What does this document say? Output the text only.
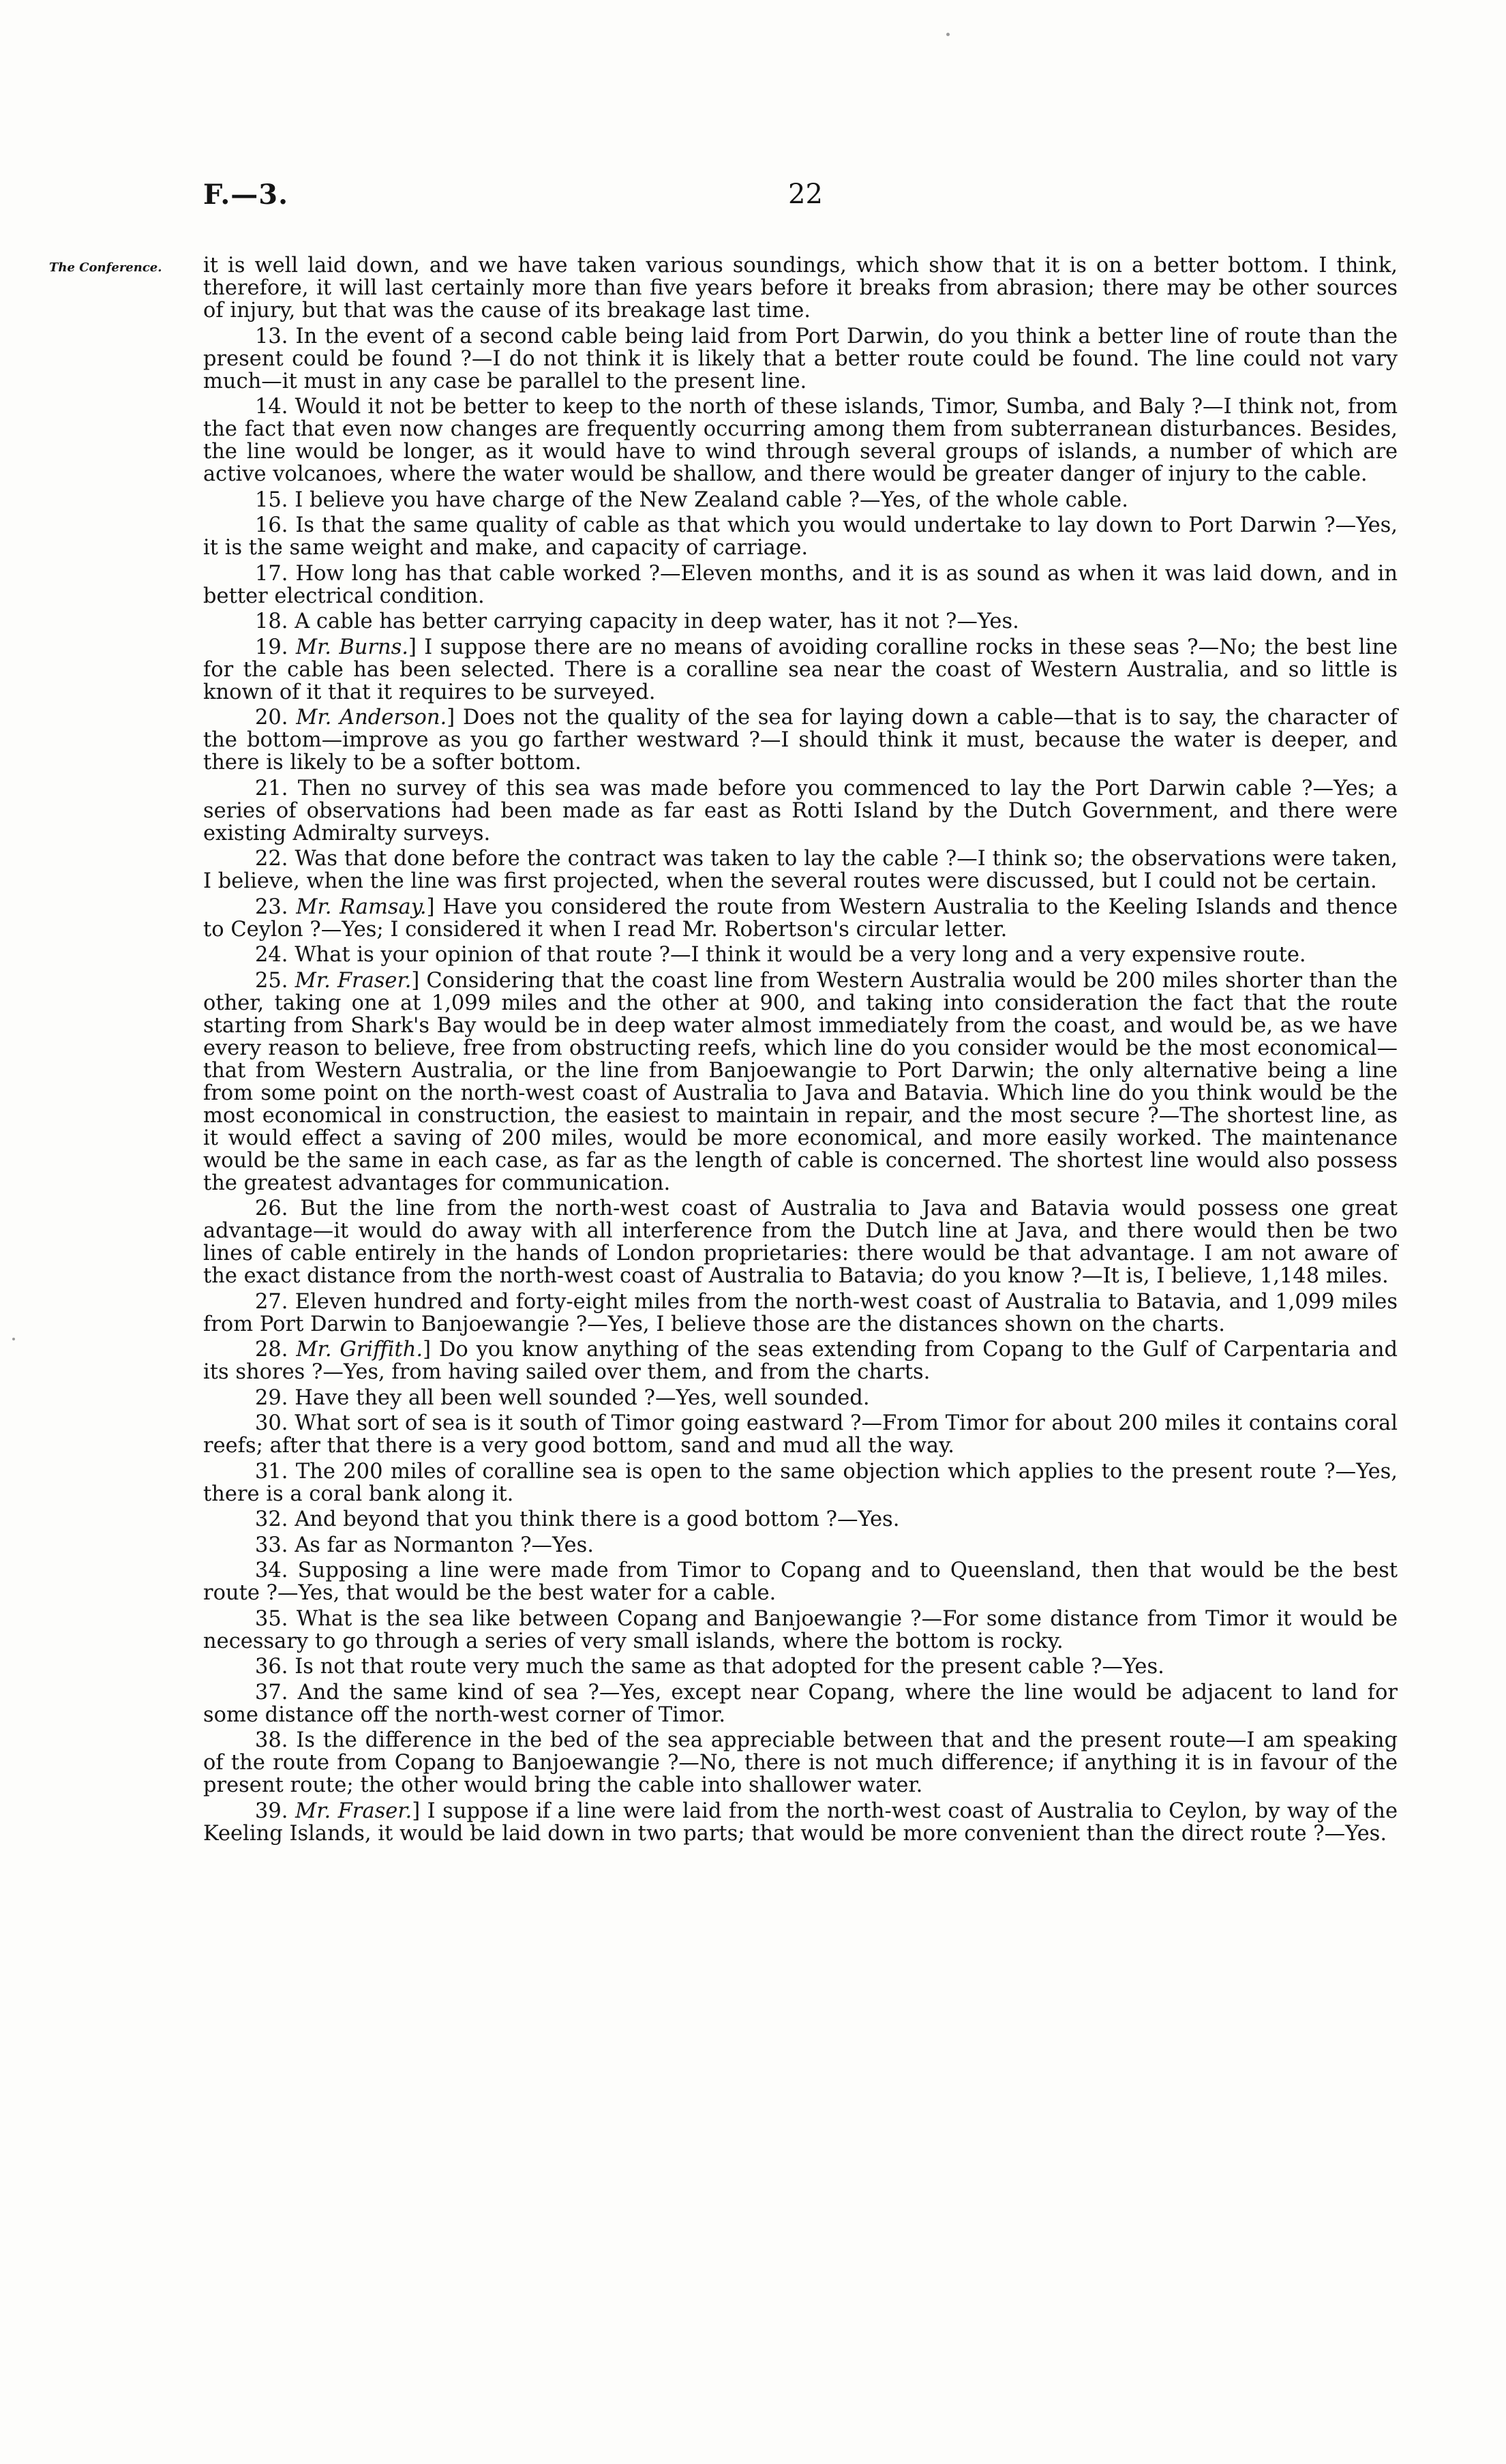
F.—3.	22
The Conference. it is well laid down, and we have taken various soundings, which show that it is on a better bottom. I think, therefore, it will last certainly more than five years before it breaks from abrasion; there may be other sources of injury, but that was the cause of its breakage last time.

13. In the event of a second cable being laid from Port Darwin, do you think a better line of route than the present could be found ?—I do not think it is likely that a better route could be found. The line could not vary much—it must in any case be parallel to the present line.

14. Would it not be better to keep to the north of these islands, Timor, Sumba, and Baly ?—I think not, from the fact that even now changes are frequently occurring among them from subterranean disturbances. Besides, the line would be longer, as it would have to wind through several groups of islands, a number of which are active volcanoes, where the water would be shallow, and there would be greater danger of injury to the cable.

15. I believe you have charge of the New Zealand cable ?—Yes, of the whole cable.

16. Is that the same quality of cable as that which you would undertake to lay down to Port Darwin ?—Yes, it is the same weight and make, and capacity of carriage.

17. How long has that cable worked ?—Eleven months, and it is as sound as when it was laid down, and in better electrical condition.

18. A cable has better carrying capacity in deep water, has it not ?—Yes.

19. Mr. Burns.] I suppose there are no means of avoiding coralline rocks in these seas ?—No; the best line for the cable has been selected. There is a coralline sea near the coast of Western Australia, and so little is known of it that it requires to be surveyed.

20. Mr. Anderson.] Does not the quality of the sea for laying down a cable—that is to say, the character of the bottom—improve as you go farther westward ?—I should think it must, because the water is deeper, and there is likely to be a softer bottom.

21. Then no survey of this sea was made before you commenced to lay the Port Darwin cable ?—Yes; a series of observations had been made as far east as Rotti Island by the Dutch Government, and there were existing Admiralty surveys.

22. Was that done before the contract was taken to lay the cable ?—I think so; the observations were taken, I believe, when the line was first projected, when the several routes were discussed, but I could not be certain.

23. Mr. Ramsay.] Have you considered the route from Western Australia to the Keeling Islands and thence to Ceylon ?—Yes; I considered it when I read Mr. Robertson's circular letter.

24. What is your opinion of that route ?—I think it would be a very long and a very expensive route.

25. Mr. Fraser.] Considering that the coast line from Western Australia would be 200 miles shorter than the other, taking one at 1,099 miles and the other at 900, and taking into consideration the fact that the route starting from Shark's Bay would be in deep water almost immediately from the coast, and would be, as we have every reason to believe, free from obstructing reefs, which line do you consider would be the most economical—that from Western Australia, or the line from Banjoewangie to Port Darwin; the only alternative being a line from some point on the north-west coast of Australia to Java and Batavia. Which line do you think would be the most economical in construction, the easiest to maintain in repair, and the most secure ?—The shortest line, as it would effect a saving of 200 miles, would be more economical, and more easily worked. The maintenance would be the same in each case, as far as the length of cable is concerned. The shortest line would also possess the greatest advantages for communication.

26. But the line from the north-west coast of Australia to Java and Batavia would possess one great advantage—it would do away with all interference from the Dutch line at Java, and there would then be two lines of cable entirely in the hands of London proprietaries: there would be that advantage. I am not aware of the exact distance from the north-west coast of Australia to Batavia; do you know ?—It is, I believe, 1,148 miles.

27. Eleven hundred and forty-eight miles from the north-west coast of Australia to Batavia, and 1,099 miles from Port Darwin to Banjoewangie ?—Yes, I believe those are the distances shown on the charts.

28. Mr. Griffith.] Do you know anything of the seas extending from Copang to the Gulf of Carpentaria and its shores ?—Yes, from having sailed over them, and from the charts.

29. Have they all been well sounded ?—Yes, well sounded.

30. What sort of sea is it south of Timor going eastward ?—From Timor for about 200 miles it contains coral reefs; after that there is a very good bottom, sand and mud all the way.

31. The 200 miles of coralline sea is open to the same objection which applies to the present route ?—Yes, there is a coral bank along it.

32. And beyond that you think there is a good bottom ?—Yes.

33. As far as Normanton ?—Yes.

34. Supposing a line were made from Timor to Copang and to Queensland, then that would be the best route ?—Yes, that would be the best water for a cable.

35. What is the sea like between Copang and Banjoewangie ?—For some distance from Timor it would be necessary to go through a series of very small islands, where the bottom is rocky.

36. Is not that route very much the same as that adopted for the present cable ?—Yes.

37. And the same kind of sea ?—Yes, except near Copang, where the line would be adjacent to land for some distance off the north-west corner of Timor.

38. Is the difference in the bed of the sea appreciable between that and the present route—I am speaking of the route from Copang to Banjoewangie ?—No, there is not much difference; if anything it is in favour of the present route; the other would bring the cable into shallower water.

39. Mr. Fraser.] I suppose if a line were laid from the north-west coast of Australia to Ceylon, by way of the Keeling Islands, it would be laid down in two parts; that would be more convenient than the direct route ?—Yes.
